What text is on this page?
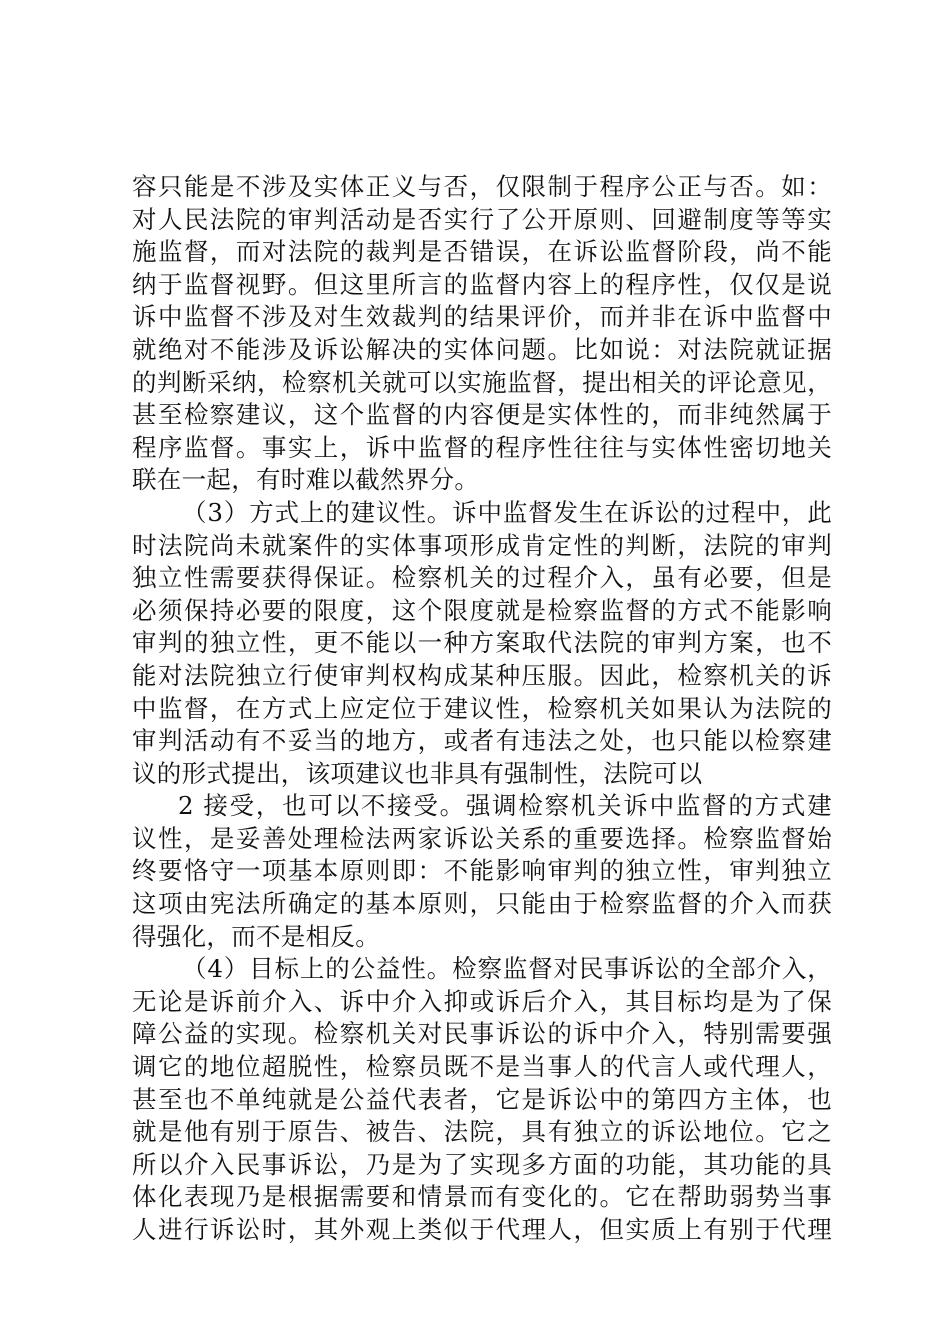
容只能是不涉及实体正义与否，仅限制于程序公正与否。如：
对人民法院的审判活动是否实行了公开原则、回避制度等等实
施监督，而对法院的裁判是否错误，在诉讼监督阶段，尚不能
纳于监督视野。但这里所言的监督内容上的程序性，仅仅是说
诉中监督不涉及对生效裁判的结果评价，而并非在诉中监督中
就绝对不能涉及诉讼解决的实体问题。比如说：对法院就证据
的判断采纳，检察机关就可以实施监督，提出相关的评论意见，
甚至检察建议，这个监督的内容便是实体性的，而非纯然属于
程序监督。事实上，诉中监督的程序性往往与实体性密切地关
联在一起，有时难以截然界分。
（3）方式上的建议性。诉中监督发生在诉讼的过程中，此
时法院尚未就案件的实体事项形成肯定性的判断，法院的审判
独立性需要获得保证。检察机关的过程介入，虽有必要，但是
必须保持必要的限度，这个限度就是检察监督的方式不能影响
审判的独立性，更不能以一种方案取代法院的审判方案，也不
能对法院独立行使审判权构成某种压服。因此，检察机关的诉
中监督，在方式上应定位于建议性，检察机关如果认为法院的
审判活动有不妥当的地方，或者有违法之处，也只能以检察建
议的形式提出，该项建议也非具有强制性，法院可以
2 接受，也可以不接受。强调检察机关诉中监督的方式建
议性，是妥善处理检法两家诉讼关系的重要选择。检察监督始
终要恪守一项基本原则即：不能影响审判的独立性，审判独立
这项由宪法所确定的基本原则，只能由于检察监督的介入而获
得强化，而不是相反。
（4）目标上的公益性。检察监督对民事诉讼的全部介入，
无论是诉前介入、诉中介入抑或诉后介入，其目标均是为了保
障公益的实现。检察机关对民事诉讼的诉中介入，特别需要强
调它的地位超脱性，检察员既不是当事人的代言人或代理人，
甚至也不单纯就是公益代表者，它是诉讼中的第四方主体，也
就是他有别于原告、被告、法院，具有独立的诉讼地位。它之
所以介入民事诉讼，乃是为了实现多方面的功能，其功能的具
体化表现乃是根据需要和情景而有变化的。它在帮助弱势当事
人进行诉讼时，其外观上类似于代理人，但实质上有别于代理
